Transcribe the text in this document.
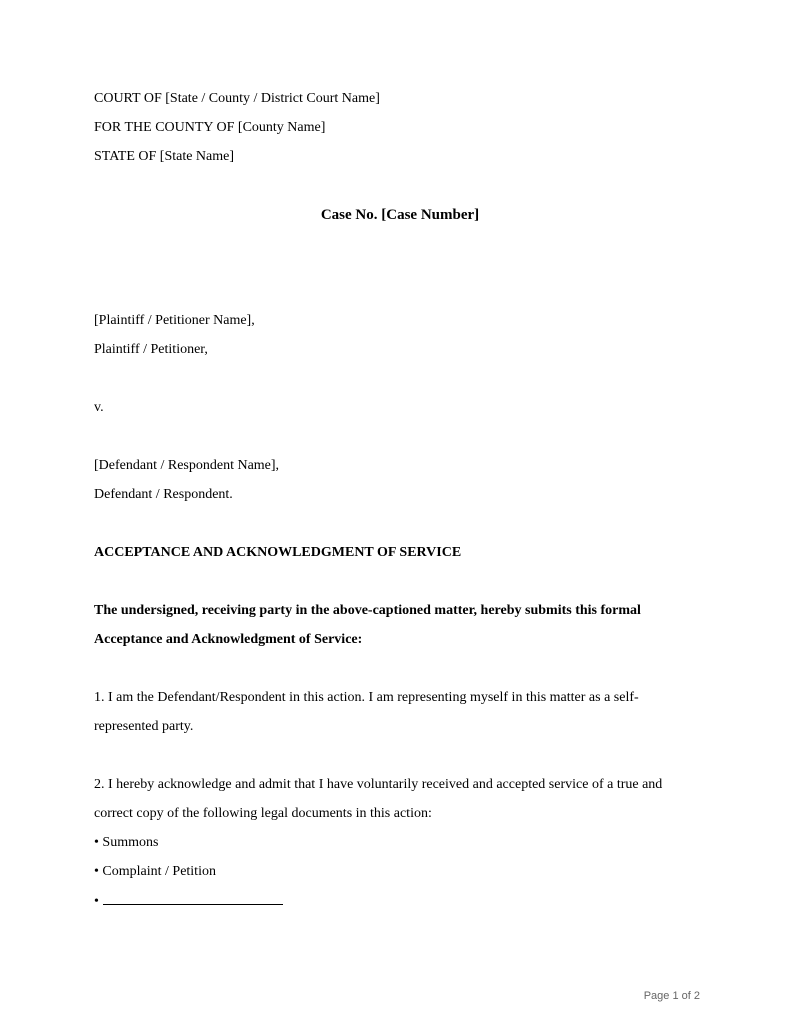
COURT OF [State / County / District Court Name]
FOR THE COUNTY OF [County Name]
STATE OF [State Name]
Case No. [Case Number]
[Plaintiff / Petitioner Name],
Plaintiff / Petitioner,
v.
[Defendant / Respondent Name],
Defendant / Respondent.
ACCEPTANCE AND ACKNOWLEDGMENT OF SERVICE
The undersigned, receiving party in the above-captioned matter, hereby submits this formal
Acceptance and Acknowledgment of Service:
1. I am the Defendant/Respondent in this action. I am representing myself in this matter as a self-
represented party.
2. I hereby acknowledge and admit that I have voluntarily received and accepted service of a true and
correct copy of the following legal documents in this action:
• Summons
• Complaint / Petition
•
Page 1 of 2
